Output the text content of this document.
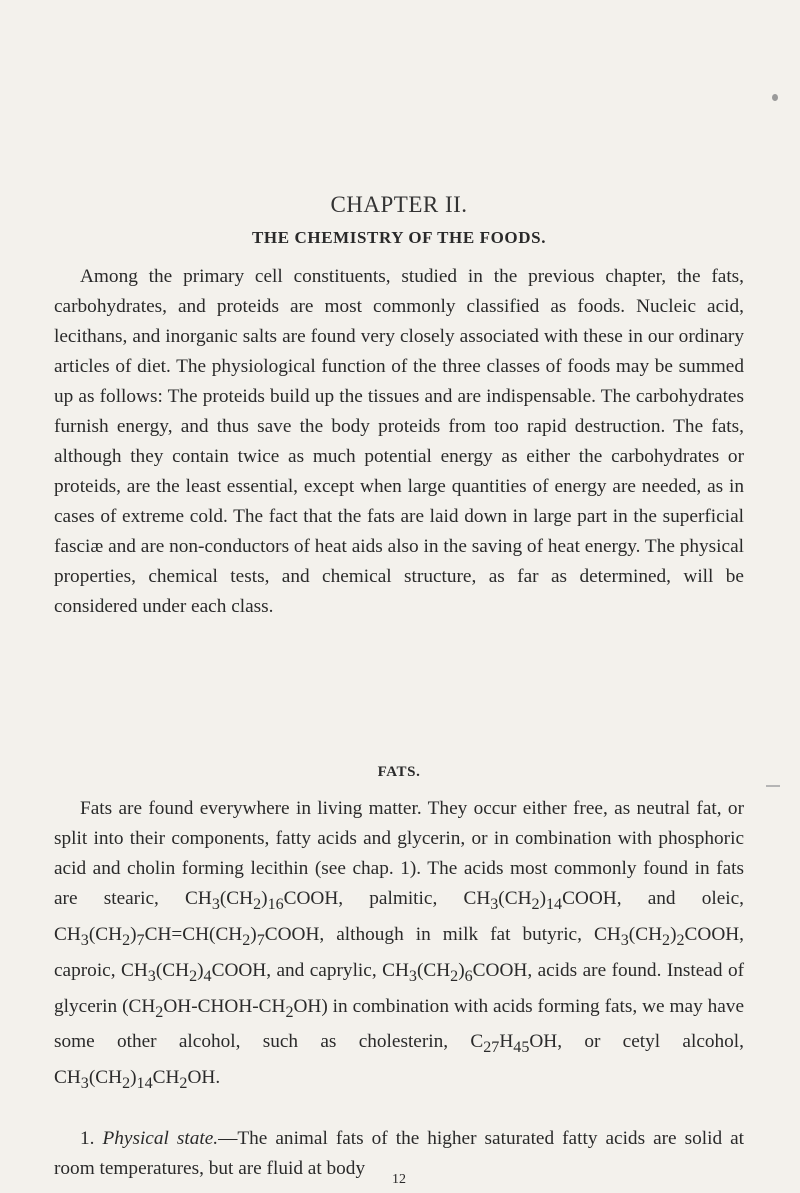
CHAPTER II.
THE CHEMISTRY OF THE FOODS.

Among the primary cell constituents, studied in the previous chapter, the fats, carbohydrates, and proteids are most commonly classified as foods. Nucleic acid, lecithans, and inorganic salts are found very closely associated with these in our ordinary articles of diet. The physiological function of the three classes of foods may be summed up as follows: The proteids build up the tissues and are indispensable. The carbohydrates furnish energy, and thus save the body proteids from too rapid destruction. The fats, although they contain twice as much potential energy as either the carbohydrates or proteids, are the least essential, except when large quantities of energy are needed, as in cases of extreme cold. The fact that the fats are laid down in large part in the superficial fasciæ and are non-conductors of heat aids also in the saving of heat energy. The physical properties, chemical tests, and chemical structure, as far as determined, will be considered under each class.

FATS.

Fats are found everywhere in living matter. They occur either free, as neutral fat, or split into their components, fatty acids and glycerin, or in combination with phosphoric acid and cholin forming lecithin (see chap. 1). The acids most commonly found in fats are stearic, $CH_3(CH_2)_{16}COOH$, palmitic, $CH_3(CH_2)_{14}COOH$, and oleic, $CH_3(CH_2)_7CH=CH(CH_2)_7COOH$, although in milk fat butyric, $CH_3(CH_2)_2COOH$, caproic, $CH_3(CH_2)_4COOH$, and caprylic, $CH_3(CH_2)_6COOH$, acids are found. Instead of glycerin $(CH_2OH-CHOH-CH_2OH)$ in combination with acids forming fats, we may have some other alcohol, such as cholesterin, $C_{27}H_{45}OH$, or cetyl alcohol, $CH_3(CH_2)_{14}CH_2OH$.

1. Physical state.—The animal fats of the higher saturated fatty acids are solid at room temperatures, but are fluid at body

12
